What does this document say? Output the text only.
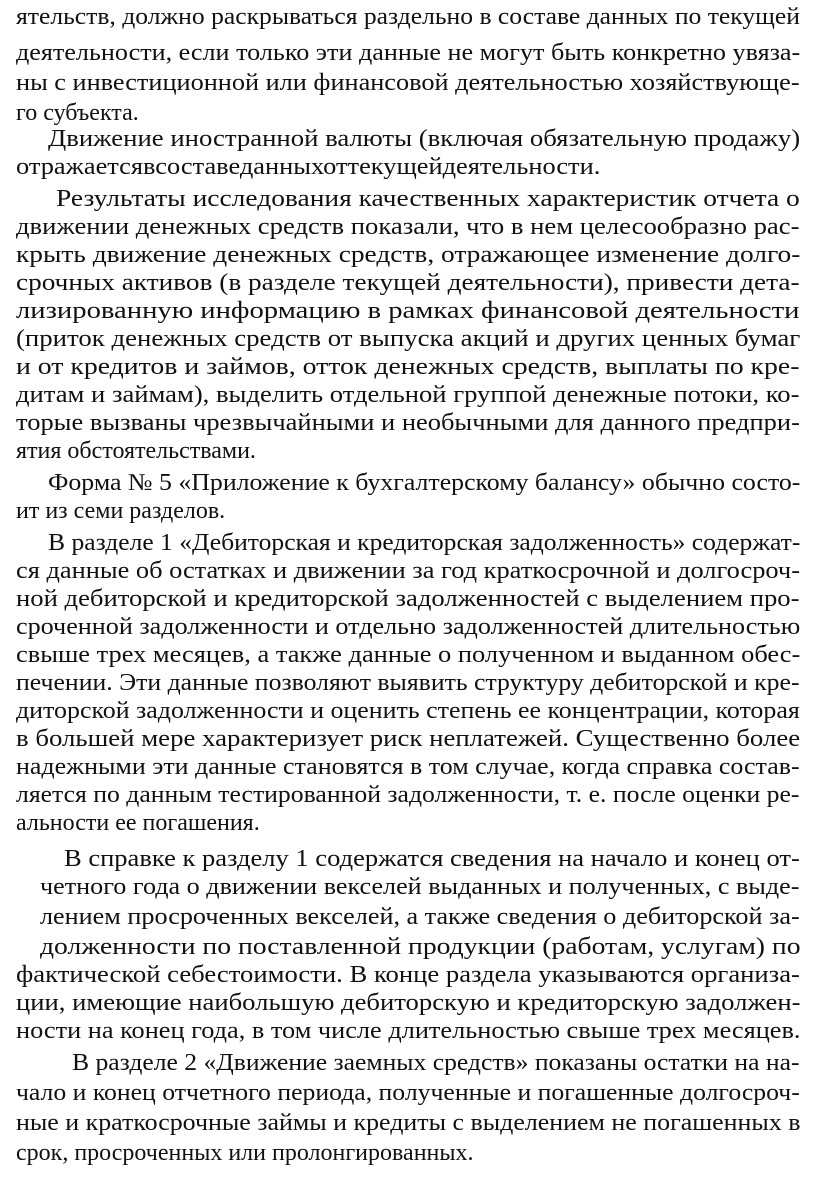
ятельств, должно раскрываться раздельно в составе данных по текущей
деятельности, если только эти данные не могут быть конкретно увяза-
ны с инвестиционной или финансовой деятельностью хозяйствующе-
го субъекта.
Движение иностранной валюты (включая обязательную продажу)
отражаетсявсоставеданныхоттекущейдеятельности.
Результаты исследования качественных характеристик отчета о
движении денежных средств показали, что в нем целесообразно рас-
крыть движение денежных средств, отражающее изменение долго-
срочных активов (в разделе текущей деятельности), привести дета-
лизированную информацию в рамках финансовой деятельности
(приток денежных средств от выпуска акций и других ценных бумаг
и от кредитов и займов, отток денежных средств, выплаты по кре-
дитам и займам), выделить отдельной группой денежные потоки, ко-
торые вызваны чрезвычайными и необычными для данного предпри-
ятия обстоятельствами.
Форма № 5 «Приложение к бухгалтерскому балансу» обычно состо-
ит из семи разделов.
В разделе 1 «Дебиторская и кредиторская задолженность» содержат-
ся данные об остатках и движении за год краткосрочной и долгосроч-
ной дебиторской и кредиторской задолженностей с выделением про-
сроченной задолженности и отдельно задолженностей длительностью
свыше трех месяцев, а также данные о полученном и выданном обес-
печении. Эти данные позволяют выявить структуру дебиторской и кре-
диторской задолженности и оценить степень ее концентрации, которая
в большей мере характеризует риск неплатежей. Существенно более
надежными эти данные становятся в том случае, когда справка состав-
ляется по данным тестированной задолженности, т. е. после оценки ре-
альности ее погашения.
В справке к разделу 1 содержатся сведения на начало и конец от-
четного года о движении векселей выданных и полученных, с выде-
лением просроченных векселей, а также сведения о дебиторской за-
долженности по поставленной продукции (работам, услугам) по
фактической себестоимости. В конце раздела указываются организа-
ции, имеющие наибольшую дебиторскую и кредиторскую задолжен-
ности на конец года, в том числе длительностью свыше трех месяцев.
В разделе 2 «Движение заемных средств» показаны остатки на на-
чало и конец отчетного периода, полученные и погашенные долгосроч-
ные и краткосрочные займы и кредиты с выделением не погашенных в
срок, просроченных или пролонгированных.
